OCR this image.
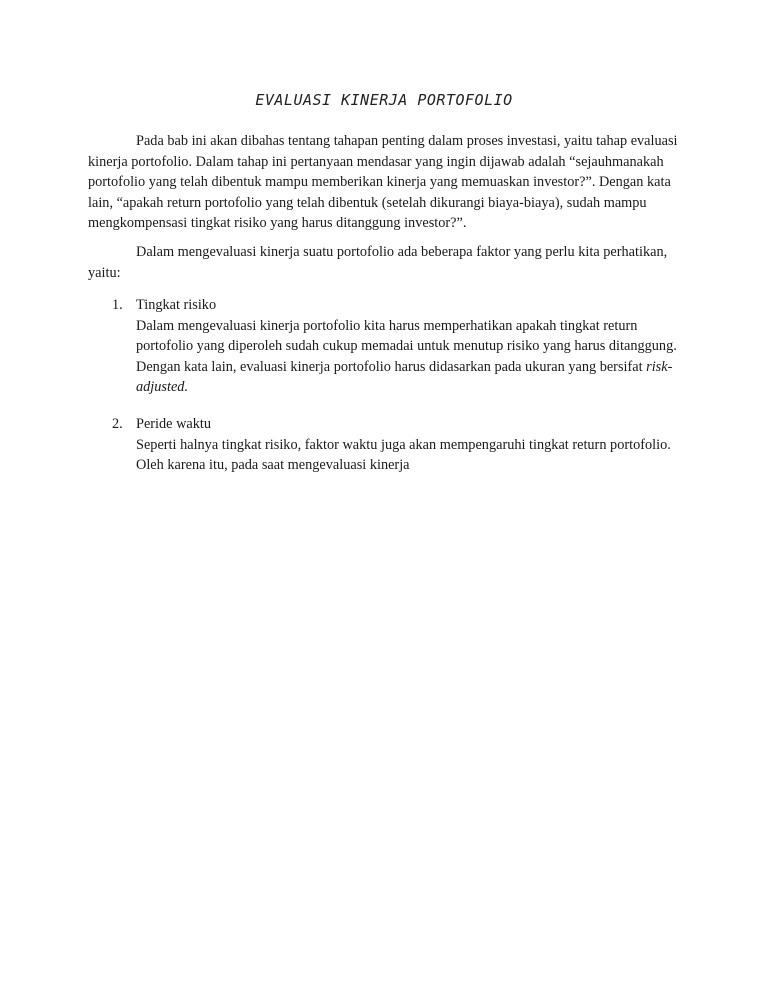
EVALUASI KINERJA PORTOFOLIO

Pada bab ini akan dibahas tentang tahapan penting dalam proses investasi, yaitu tahap evaluasi kinerja portofolio. Dalam tahap ini pertanyaan mendasar yang ingin dijawab adalah “sejauhmanakah portofolio yang telah dibentuk mampu memberikan kinerja yang memuaskan investor?”. Dengan kata lain, “apakah return portofolio yang telah dibentuk (setelah dikurangi biaya-biaya), sudah mampu mengkompensasi tingkat risiko yang harus ditanggung investor?”.

Dalam mengevaluasi kinerja suatu portofolio ada beberapa faktor yang perlu kita perhatikan, yaitu:

1. Tingkat risiko
Dalam mengevaluasi kinerja portofolio kita harus memperhatikan apakah tingkat return portofolio yang diperoleh sudah cukup memadai untuk menutup risiko yang harus ditanggung. Dengan kata lain, evaluasi kinerja portofolio harus didasarkan pada ukuran yang bersifat risk-adjusted.
2. Peride waktu
Seperti halnya tingkat risiko, faktor waktu juga akan mempengaruhi tingkat return portofolio. Oleh karena itu, pada saat mengevaluasi kinerja
